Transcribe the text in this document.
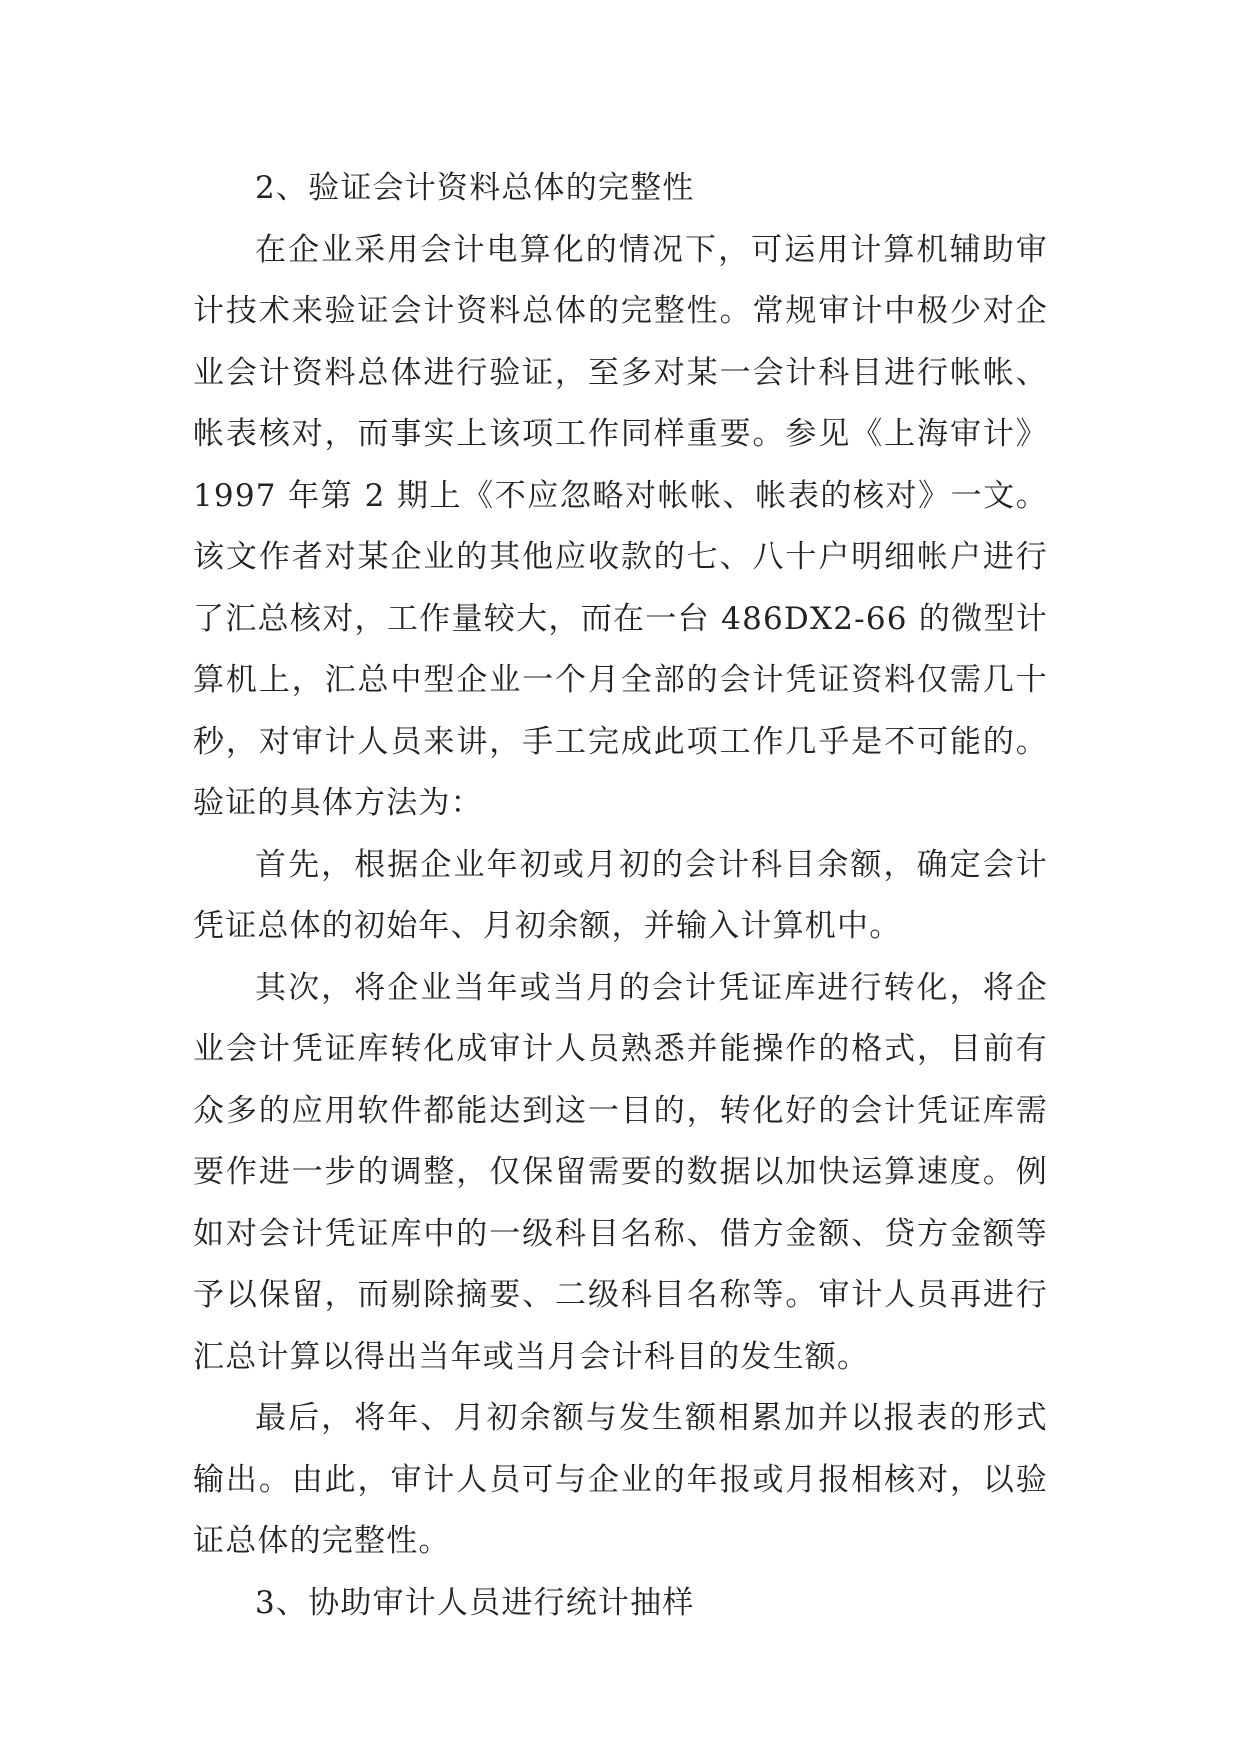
2、验证会计资料总体的完整性

在企业采用会计电算化的情况下，可运用计算机辅助审计技术来验证会计资料总体的完整性。常规审计中极少对企业会计资料总体进行验证，至多对某一会计科目进行帐帐、帐表核对，而事实上该项工作同样重要。参见《上海审计》1997 年第 2 期上《不应忽略对帐帐、帐表的核对》一文。该文作者对某企业的其他应收款的七、八十户明细帐户进行了汇总核对，工作量较大，而在一台 486DX2-66 的微型计算机上，汇总中型企业一个月全部的会计凭证资料仅需几十秒，对审计人员来讲，手工完成此项工作几乎是不可能的。验证的具体方法为：

首先，根据企业年初或月初的会计科目余额，确定会计凭证总体的初始年、月初余额，并输入计算机中。

其次，将企业当年或当月的会计凭证库进行转化，将企业会计凭证库转化成审计人员熟悉并能操作的格式，目前有众多的应用软件都能达到这一目的，转化好的会计凭证库需要作进一步的调整，仅保留需要的数据以加快运算速度。例如对会计凭证库中的一级科目名称、借方金额、贷方金额等予以保留，而剔除摘要、二级科目名称等。审计人员再进行汇总计算以得出当年或当月会计科目的发生额。

最后，将年、月初余额与发生额相累加并以报表的形式输出。由此，审计人员可与企业的年报或月报相核对，以验证总体的完整性。

3、协助审计人员进行统计抽样
